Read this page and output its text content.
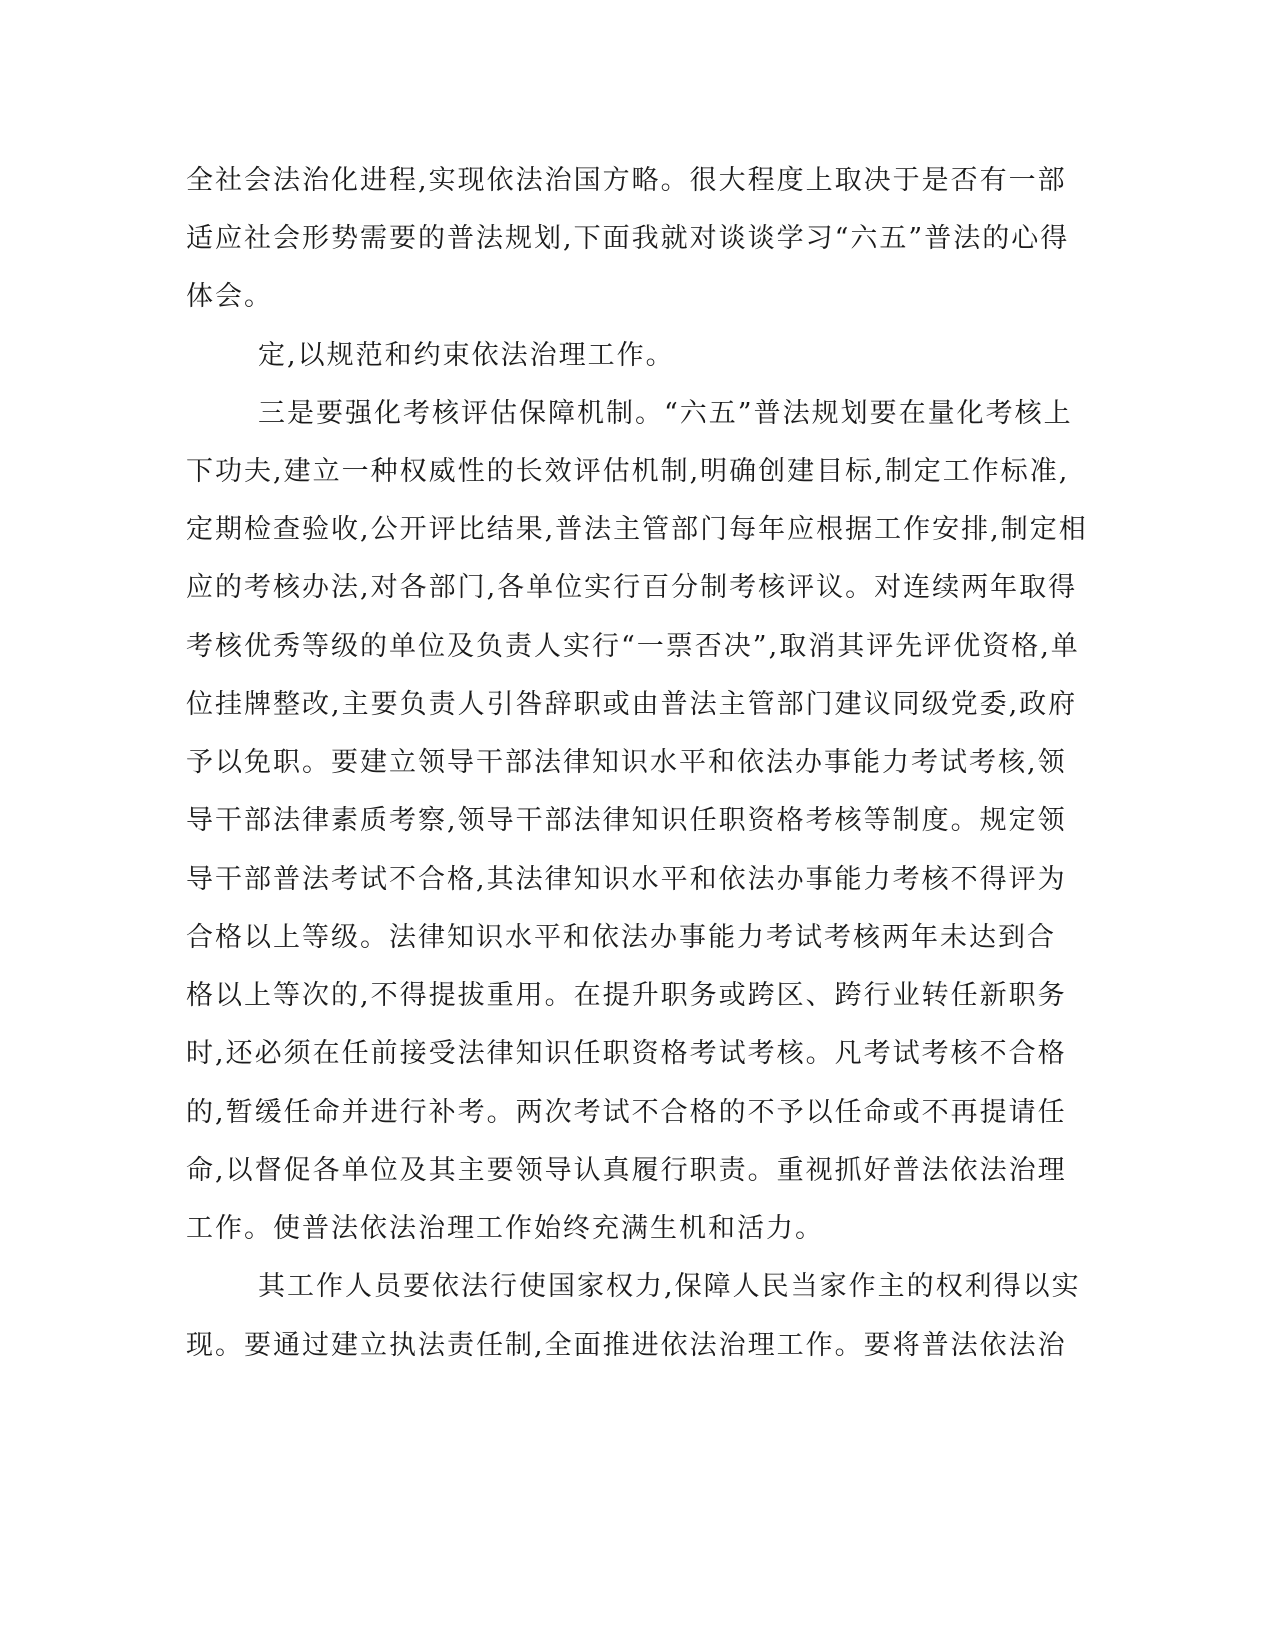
全社会法治化进程,实现依法治国方略。很大程度上取决于是否有一部
适应社会形势需要的普法规划,下面我就对谈谈学习“六五”普法的心得
体会。
定,以规范和约束依法治理工作。
三是要强化考核评估保障机制。“六五”普法规划要在量化考核上
下功夫,建立一种权威性的长效评估机制,明确创建目标,制定工作标准,
定期检查验收,公开评比结果,普法主管部门每年应根据工作安排,制定相
应的考核办法,对各部门,各单位实行百分制考核评议。对连续两年取得
考核优秀等级的单位及负责人实行“一票否决”,取消其评先评优资格,单
位挂牌整改,主要负责人引咎辞职或由普法主管部门建议同级党委,政府
予以免职。要建立领导干部法律知识水平和依法办事能力考试考核,领
导干部法律素质考察,领导干部法律知识任职资格考核等制度。规定领
导干部普法考试不合格,其法律知识水平和依法办事能力考核不得评为
合格以上等级。法律知识水平和依法办事能力考试考核两年未达到合
格以上等次的,不得提拔重用。在提升职务或跨区、跨行业转任新职务
时,还必须在任前接受法律知识任职资格考试考核。凡考试考核不合格
的,暂缓任命并进行补考。两次考试不合格的不予以任命或不再提请任
命,以督促各单位及其主要领导认真履行职责。重视抓好普法依法治理
工作。使普法依法治理工作始终充满生机和活力。
其工作人员要依法行使国家权力,保障人民当家作主的权利得以实
现。要通过建立执法责任制,全面推进依法治理工作。要将普法依法治
